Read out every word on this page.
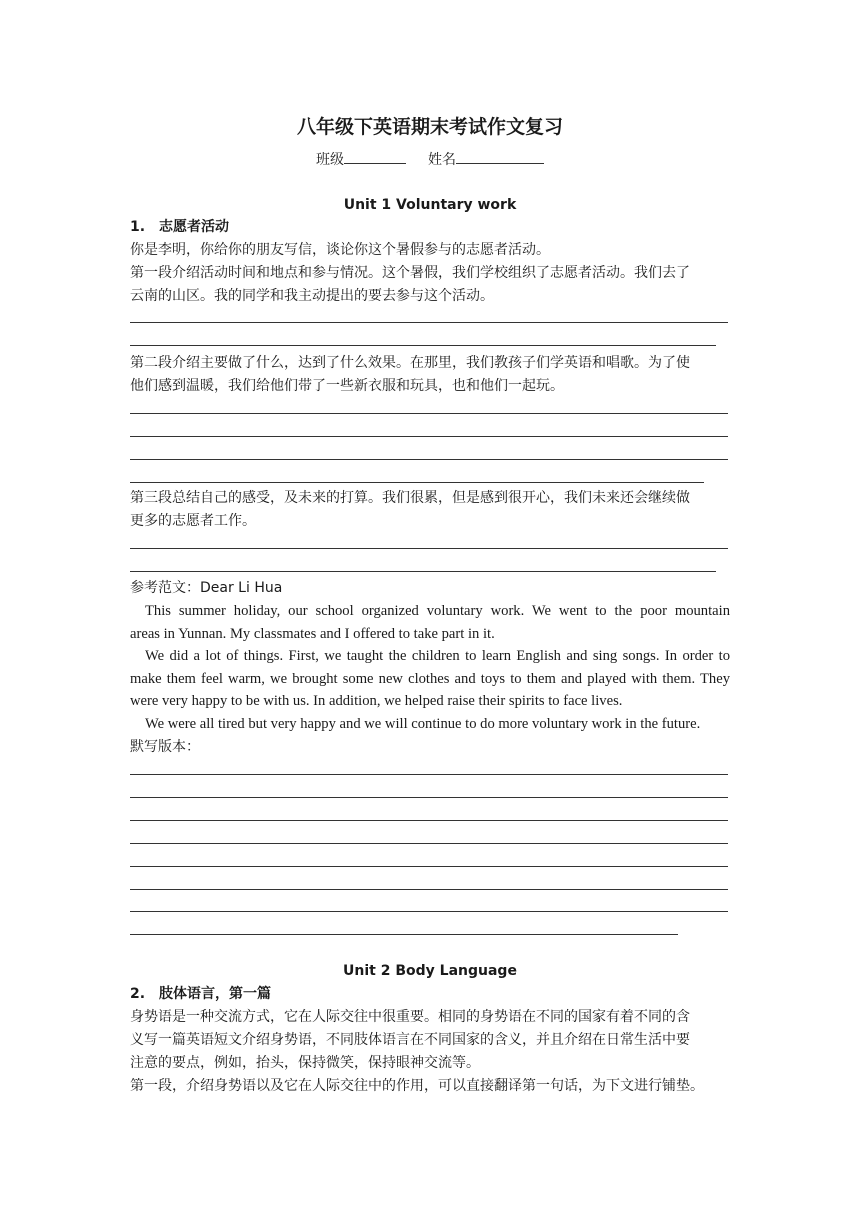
八年级下英语期末考试作文复习
班级	姓名
Unit 1 Voluntary work
1.　志愿者活动
你是李明，你给你的朋友写信，谈论你这个暑假参与的志愿者活动。
第一段介绍活动时间和地点和参与情况。这个暑假，我们学校组织了志愿者活动。我们去了
云南的山区。我的同学和我主动提出的要去参与这个活动。
第二段介绍主要做了什么，达到了什么效果。在那里，我们教孩子们学英语和唱歌。为了使
他们感到温暖，我们给他们带了一些新衣服和玩具，也和他们一起玩。
第三段总结自己的感受，及未来的打算。我们很累，但是感到很开心，我们未来还会继续做
更多的志愿者工作。
参考范文：Dear Li Hua
This summer holiday, our school organized voluntary work. We went to the poor mountain
areas in Yunnan. My classmates and I offered to take part in it.
We did a lot of things. First, we taught the children to learn English and sing songs. In order to
make them feel warm, we brought some new clothes and toys to them and played with them. They
were very happy to be with us. In addition, we helped raise their spirits to face lives.
We were all tired but very happy and we will continue to do more voluntary work in the future.
默写版本：
Unit 2 Body Language
2.　肢体语言，第一篇
身势语是一种交流方式，它在人际交往中很重要。相同的身势语在不同的国家有着不同的含
义写一篇英语短文介绍身势语，不同肢体语言在不同国家的含义，并且介绍在日常生活中要
注意的要点，例如，抬头，保持微笑，保持眼神交流等。
第一段，介绍身势语以及它在人际交往中的作用，可以直接翻译第一句话，为下文进行铺垫。
